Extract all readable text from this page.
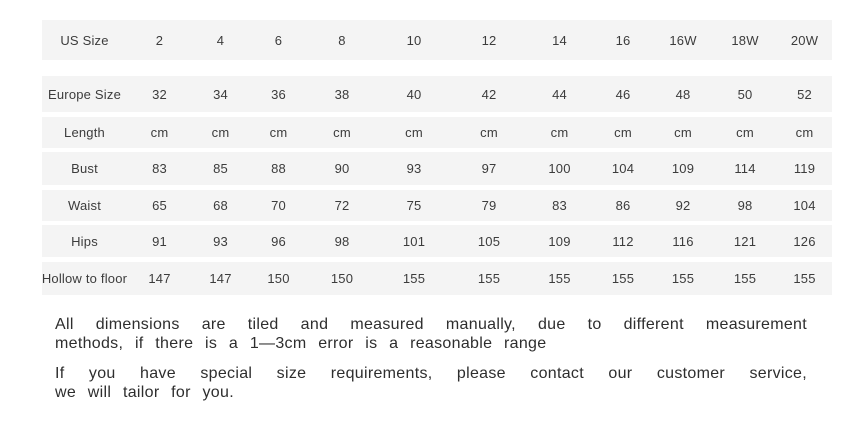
US Size	2	4	6	8	10	12	14	16	16W	18W	20W
Europe Size	32	34	36	38	40	42	44	46	48	50	52
Length	cm	cm	cm	cm	cm	cm	cm	cm	cm	cm	cm
Bust	83	85	88	90	93	97	100	104	109	114	119
Waist	65	68	70	72	75	79	83	86	92	98	104
Hips	91	93	96	98	101	105	109	112	116	121	126
Hollow to floor	147	147	150	150	155	155	155	155	155	155	155
All dimensions are tiled and measured manually, due to different measurement
methods, if there is a 1—3cm error is a reasonable range
If you have special size requirements, please contact our customer service,
we will tailor for you.
